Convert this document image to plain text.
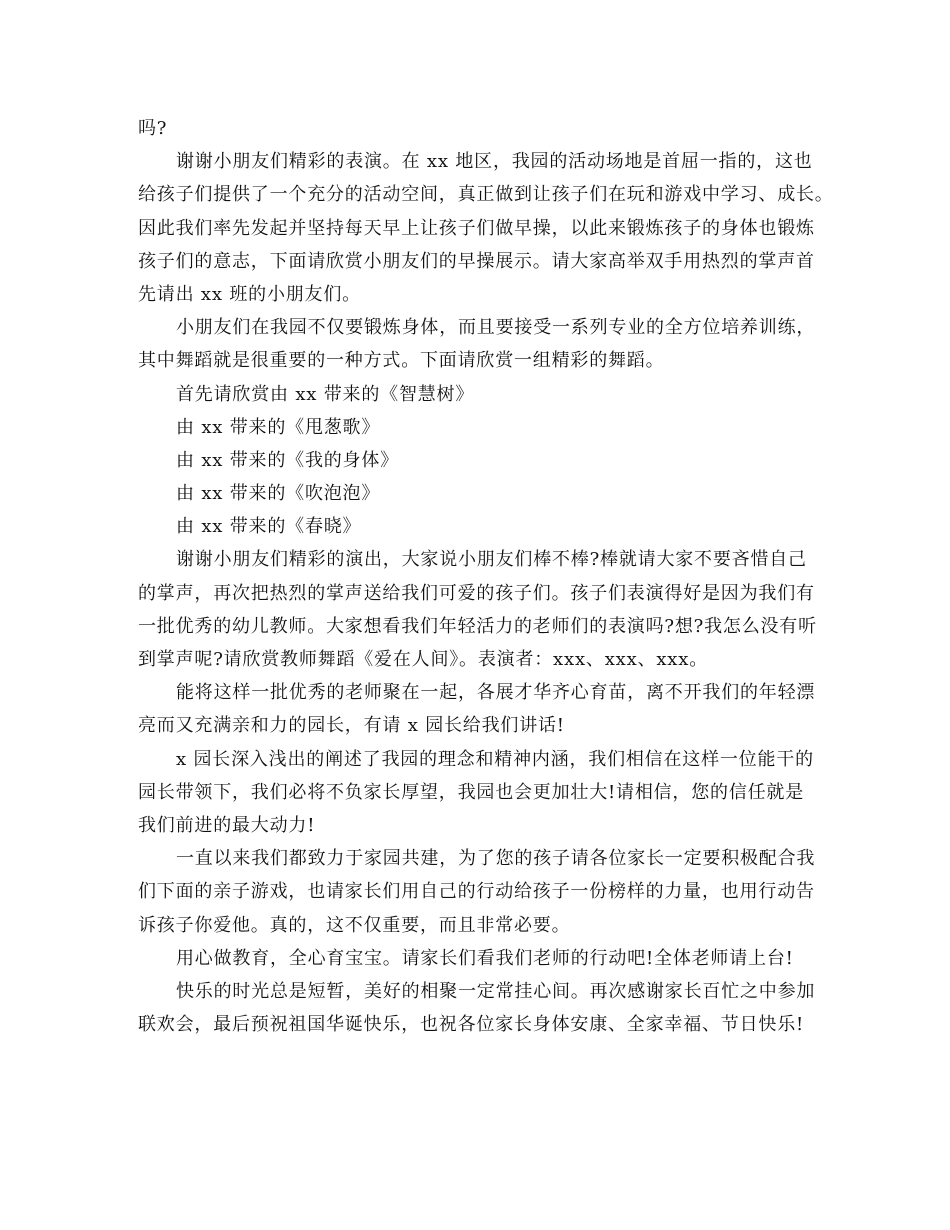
吗?

谢谢小朋友们精彩的表演。在 xx 地区，我园的活动场地是首屈一指的，这也

给孩子们提供了一个充分的活动空间，真正做到让孩子们在玩和游戏中学习、成长。

因此我们率先发起并坚持每天早上让孩子们做早操，以此来锻炼孩子的身体也锻炼

孩子们的意志，下面请欣赏小朋友们的早操展示。请大家高举双手用热烈的掌声首

先请出 xx 班的小朋友们。

小朋友们在我园不仅要锻炼身体，而且要接受一系列专业的全方位培养训练，

其中舞蹈就是很重要的一种方式。下面请欣赏一组精彩的舞蹈。

首先请欣赏由 xx 带来的《智慧树》

由 xx 带来的《甩葱歌》

由 xx 带来的《我的身体》

由 xx 带来的《吹泡泡》

由 xx 带来的《春晓》

谢谢小朋友们精彩的演出，大家说小朋友们棒不棒?棒就请大家不要吝惜自己

的掌声，再次把热烈的掌声送给我们可爱的孩子们。孩子们表演得好是因为我们有

一批优秀的幼儿教师。大家想看我们年轻活力的老师们的表演吗?想?我怎么没有听

到掌声呢?请欣赏教师舞蹈《爱在人间》。表演者：xxx、xxx、xxx。

能将这样一批优秀的老师聚在一起，各展才华齐心育苗，离不开我们的年轻漂

亮而又充满亲和力的园长，有请 x 园长给我们讲话!

x 园长深入浅出的阐述了我园的理念和精神内涵，我们相信在这样一位能干的

园长带领下，我们必将不负家长厚望，我园也会更加壮大!请相信，您的信任就是

我们前进的最大动力!

一直以来我们都致力于家园共建，为了您的孩子请各位家长一定要积极配合我

们下面的亲子游戏，也请家长们用自己的行动给孩子一份榜样的力量，也用行动告

诉孩子你爱他。真的，这不仅重要，而且非常必要。

用心做教育，全心育宝宝。请家长们看我们老师的行动吧!全体老师请上台!

快乐的时光总是短暂，美好的相聚一定常挂心间。再次感谢家长百忙之中参加

联欢会，最后预祝祖国华诞快乐，也祝各位家长身体安康、全家幸福、节日快乐!
